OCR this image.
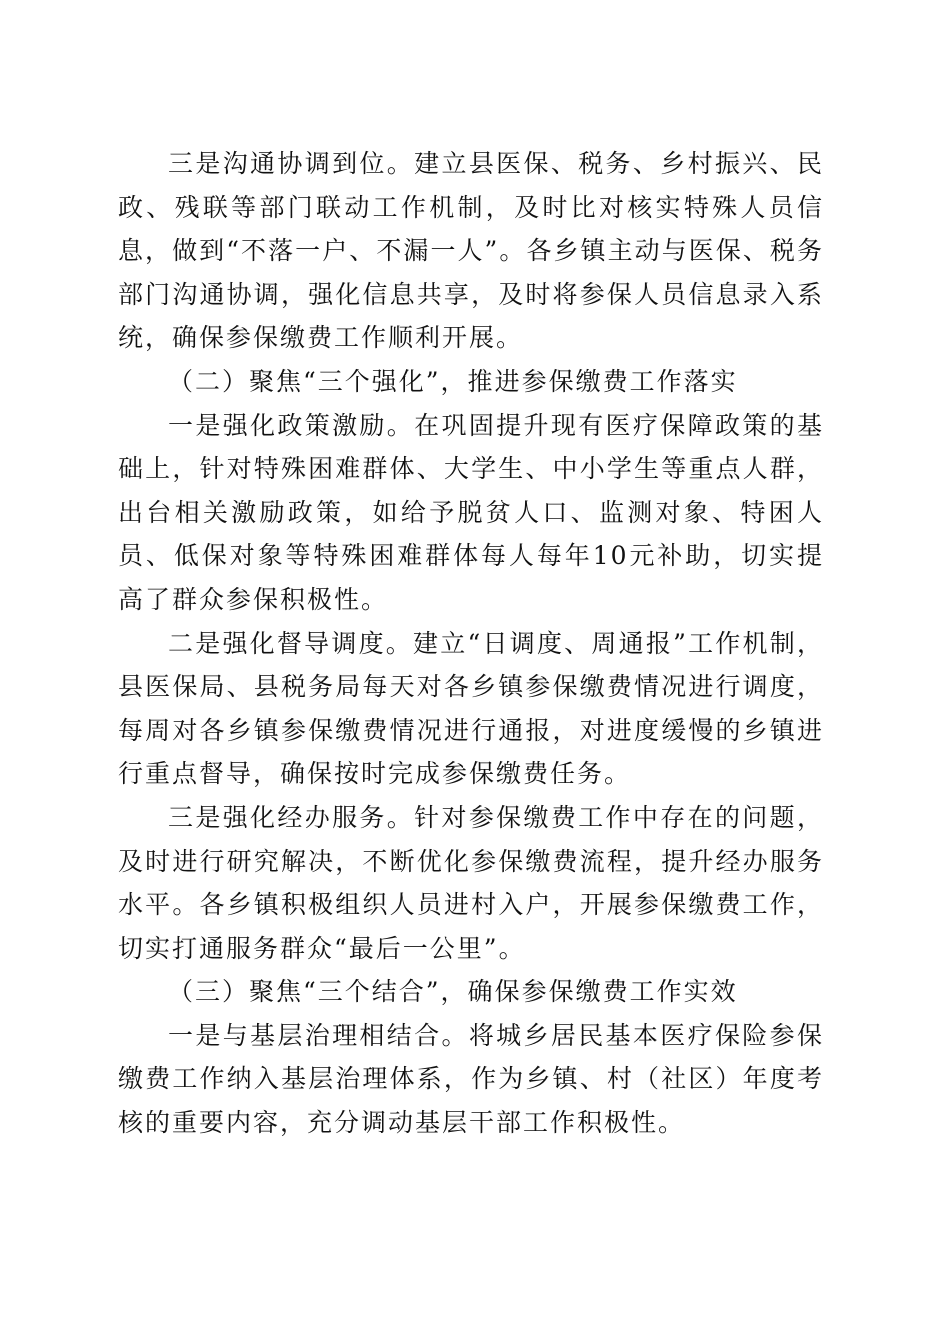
三是沟通协调到位。建立县医保、税务、乡村振兴、民政、残联等部门联动工作机制，及时比对核实特殊人员信息，做到“不落一户、不漏一人”。各乡镇主动与医保、税务部门沟通协调，强化信息共享，及时将参保人员信息录入系统，确保参保缴费工作顺利开展。

（二）聚焦“三个强化”，推进参保缴费工作落实

一是强化政策激励。在巩固提升现有医疗保障政策的基础上，针对特殊困难群体、大学生、中小学生等重点人群，出台相关激励政策，如给予脱贫人口、监测对象、特困人员、低保对象等特殊困难群体每人每年10元补助，切实提高了群众参保积极性。

二是强化督导调度。建立“日调度、周通报”工作机制，县医保局、县税务局每天对各乡镇参保缴费情况进行调度，每周对各乡镇参保缴费情况进行通报，对进度缓慢的乡镇进行重点督导，确保按时完成参保缴费任务。

三是强化经办服务。针对参保缴费工作中存在的问题，及时进行研究解决，不断优化参保缴费流程，提升经办服务水平。各乡镇积极组织人员进村入户，开展参保缴费工作，切实打通服务群众“最后一公里”。

（三）聚焦“三个结合”，确保参保缴费工作实效

一是与基层治理相结合。将城乡居民基本医疗保险参保缴费工作纳入基层治理体系，作为乡镇、村（社区）年度考核的重要内容，充分调动基层干部工作积极性。
